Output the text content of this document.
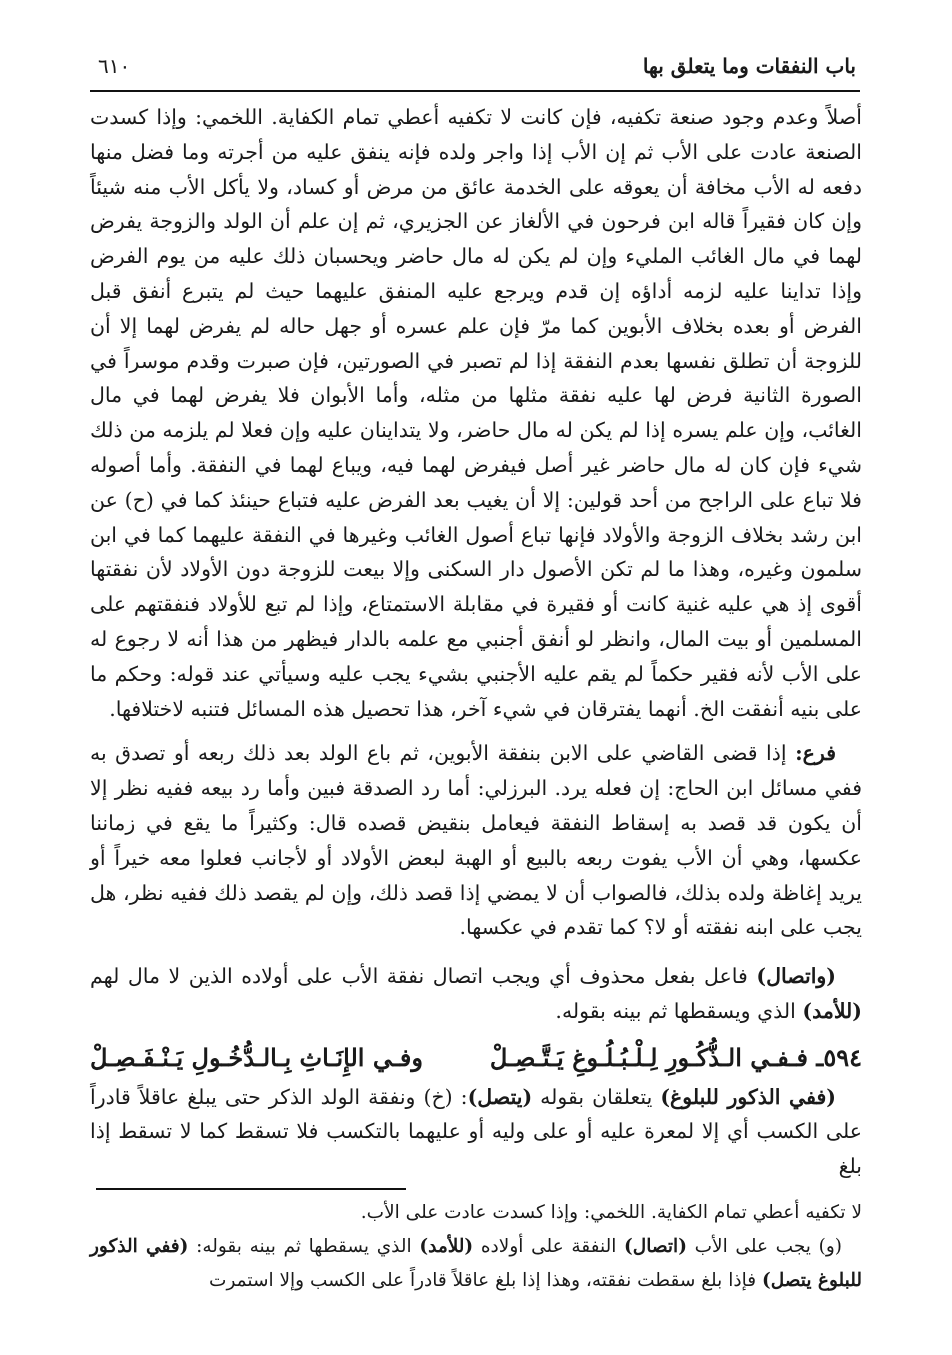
باب النفقات وما يتعلق بها
٦١٠

أصلاً وعدم وجود صنعة تكفيه، فإن كانت لا تكفيه أعطي تمام الكفاية. اللخمي: وإذا كسدت الصنعة عادت على الأب ثم إن الأب إذا واجر ولده فإنه ينفق عليه من أجرته وما فضل منها دفعه له الأب مخافة أن يعوقه على الخدمة عائق من مرض أو كساد، ولا يأكل الأب منه شيئاً وإن كان فقيراً قاله ابن فرحون في الألغاز عن الجزيري، ثم إن علم أن الولد والزوجة يفرض لهما في مال الغائب المليء وإن لم يكن له مال حاضر ويحسبان ذلك عليه من يوم الفرض وإذا تداينا عليه لزمه أداؤه إن قدم ويرجع عليه المنفق عليهما حيث لم يتبرع أنفق قبل الفرض أو بعده بخلاف الأبوين كما مرّ فإن علم عسره أو جهل حاله لم يفرض لهما إلا أن للزوجة أن تطلق نفسها بعدم النفقة إذا لم تصبر في الصورتين، فإن صبرت وقدم موسراً في الصورة الثانية فرض لها عليه نفقة مثلها من مثله، وأما الأبوان فلا يفرض لهما في مال الغائب، وإن علم يسره إذا لم يكن له مال حاضر، ولا يتداينان عليه وإن فعلا لم يلزمه من ذلك شيء فإن كان له مال حاضر غير أصل فيفرض لهما فيه، ويباع لهما في النفقة. وأما أصوله فلا تباع على الراجح من أحد قولين: إلا أن يغيب بعد الفرض عليه فتباع حينئذ كما في (ح) عن ابن رشد بخلاف الزوجة والأولاد فإنها تباع أصول الغائب وغيرها في النفقة عليهما كما في ابن سلمون وغيره، وهذا ما لم تكن الأصول دار السكنى وإلا بيعت للزوجة دون الأولاد لأن نفقتها أقوى إذ هي عليه غنية كانت أو فقيرة في مقابلة الاستمتاع، وإذا لم تبع للأولاد فنفقتهم على المسلمين أو بيت المال، وانظر لو أنفق أجنبي مع علمه بالدار فيظهر من هذا أنه لا رجوع له على الأب لأنه فقير حكماً لم يقم عليه الأجنبي بشيء يجب عليه وسيأتي عند قوله: وحكم ما على بنيه أنفقت الخ. أنهما يفترقان في شيء آخر، هذا تحصيل هذه المسائل فتنبه لاختلافها.

فرع: إذا قضى القاضي على الابن بنفقة الأبوين، ثم باع الولد بعد ذلك ربعه أو تصدق به ففي مسائل ابن الحاج: إن فعله يرد. البرزلي: أما رد الصدقة فبين وأما رد بيعه ففيه نظر إلا أن يكون قد قصد به إسقاط النفقة فيعامل بنقيض قصده قال: وكثيراً ما يقع في زماننا عكسها، وهي أن الأب يفوت ربعه بالبيع أو الهبة لبعض الأولاد أو لأجانب فعلوا معه خيراً أو يريد إغاظة ولده بذلك، فالصواب أن لا يمضي إذا قصد ذلك، وإن لم يقصد ذلك ففيه نظر، هل يجب على ابنه نفقته أو لا؟ كما تقدم في عكسها.

(واتصال) فاعل بفعل محذوف أي ويجب اتصال نفقة الأب على أولاده الذين لا مال لهم (للأمد) الذي ويسقطها ثم بينه بقوله.

٥٩٤ـ فـفـي الـذُّكُـورِ لِـلْـبُـلُـوغِ يَـتَّـصِـلْ
وفـي الإِنَـاثِ بِـالـدُّخُـولِ يَـنْـفَـصِـلْ

(ففي الذكور للبلوغ) يتعلقان بقوله (يتصل): (خ) ونفقة الولد الذكر حتى يبلغ عاقلاً قادراً على الكسب أي إلا لمعرة عليه أو على وليه أو عليهما بالتكسب فلا تسقط كما لا تسقط إذا بلغ

لا تكفيه أعطي تمام الكفاية. اللخمي: وإذا كسدت عادت على الأب.

(و) يجب على الأب (اتصال) النفقة على أولاده (للأمد) الذي يسقطها ثم بينه بقوله: (ففي الذكور للبلوغ يتصل) فإذا بلغ سقطت نفقته، وهذا إذا بلغ عاقلاً قادراً على الكسب وإلا استمرت
